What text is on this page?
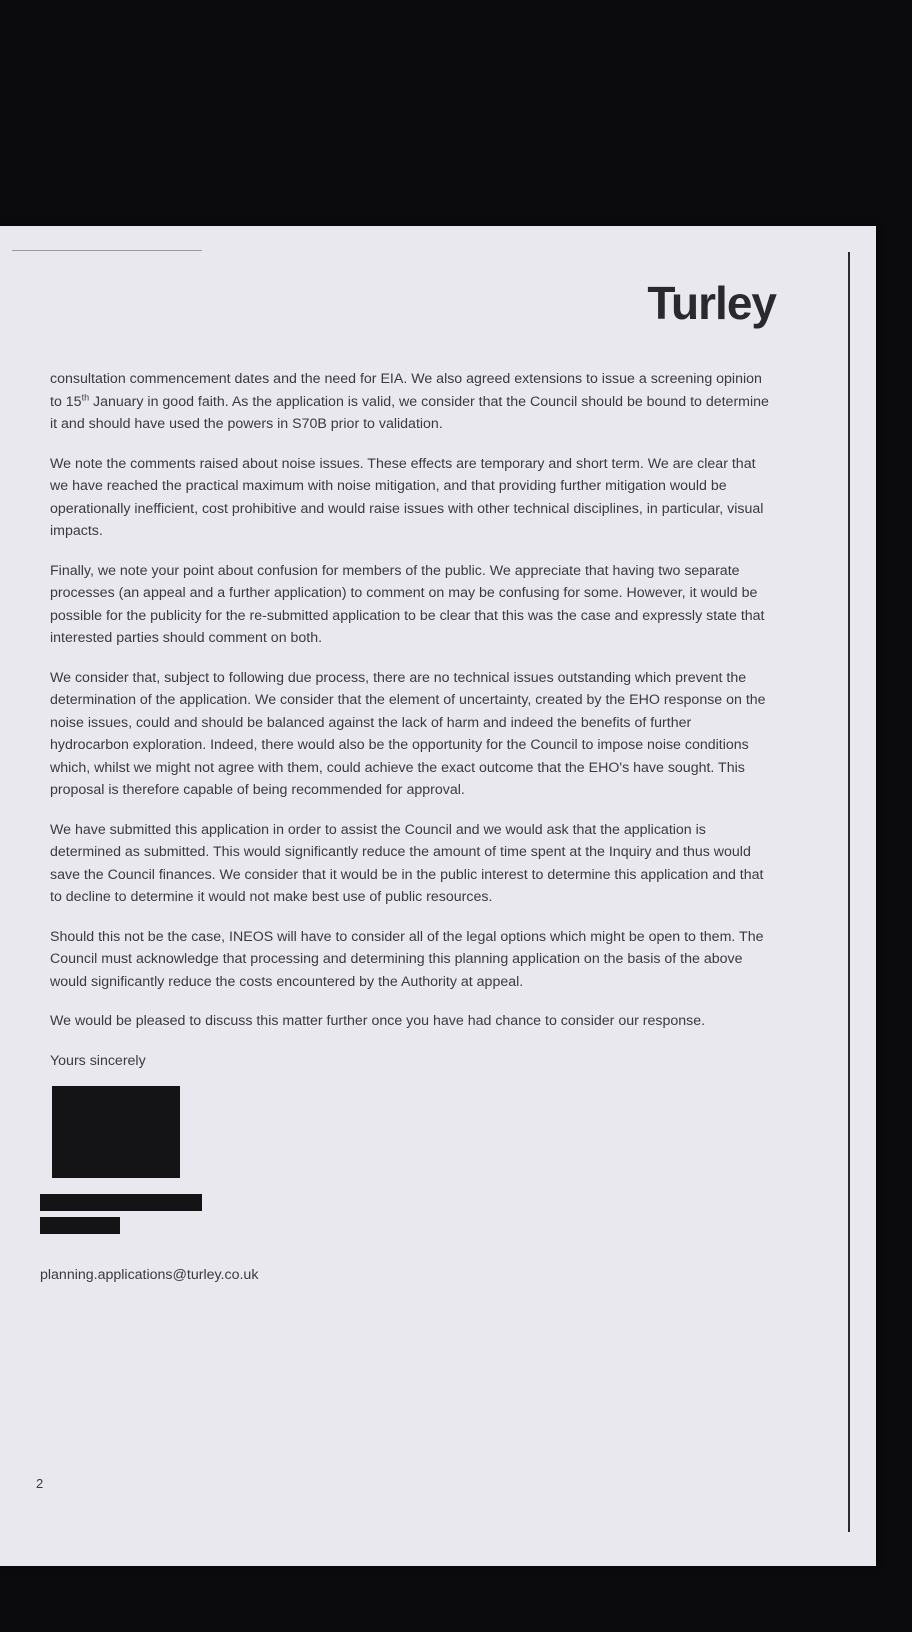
Turley

consultation commencement dates and the need for EIA. We also agreed extensions to issue a screening opinion to 15th January in good faith. As the application is valid, we consider that the Council should be bound to determine it and should have used the powers in S70B prior to validation.

We note the comments raised about noise issues. These effects are temporary and short term. We are clear that we have reached the practical maximum with noise mitigation, and that providing further mitigation would be operationally inefficient, cost prohibitive and would raise issues with other technical disciplines, in particular, visual impacts.

Finally, we note your point about confusion for members of the public. We appreciate that having two separate processes (an appeal and a further application) to comment on may be confusing for some. However, it would be possible for the publicity for the re-submitted application to be clear that this was the case and expressly state that interested parties should comment on both.

We consider that, subject to following due process, there are no technical issues outstanding which prevent the determination of the application. We consider that the element of uncertainty, created by the EHO response on the noise issues, could and should be balanced against the lack of harm and indeed the benefits of further hydrocarbon exploration. Indeed, there would also be the opportunity for the Council to impose noise conditions which, whilst we might not agree with them, could achieve the exact outcome that the EHO's have sought. This proposal is therefore capable of being recommended for approval.

We have submitted this application in order to assist the Council and we would ask that the application is determined as submitted. This would significantly reduce the amount of time spent at the Inquiry and thus would save the Council finances. We consider that it would be in the public interest to determine this application and that to decline to determine it would not make best use of public resources.

Should this not be the case, INEOS will have to consider all of the legal options which might be open to them. The Council must acknowledge that processing and determining this planning application on the basis of the above would significantly reduce the costs encountered by the Authority at appeal.

We would be pleased to discuss this matter further once you have had chance to consider our response.

Yours sincerely
planning.applications@turley.co.uk
2
